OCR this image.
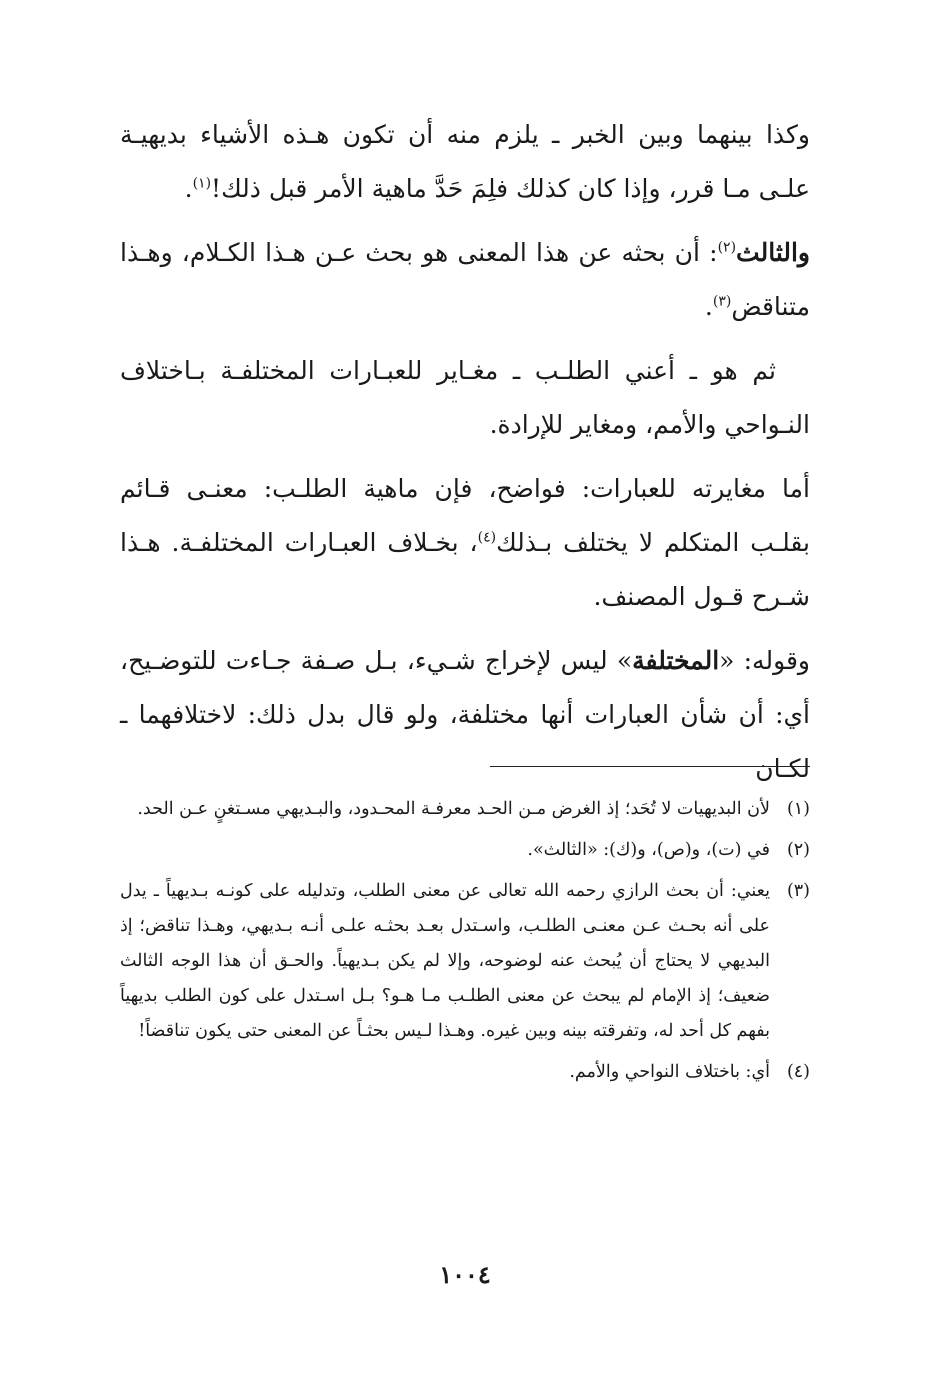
وكذا بينهما وبين الخبر ـ يلزم منه أن تكون هـذه الأشياء بديهيـة علـى مـا قرر، وإذا كان كذلك فلِمَ حَدَّ ماهية الأمر قبل ذلك!$^{(١)}$.

والثالث$^{(٢)}$: أن بحثه عن هذا المعنى هو بحث عـن هـذا الكـلام، وهـذا متناقض$^{(٣)}$.

ثم هو ـ أعني الطلـب ـ مغـاير للعبـارات المختلفـة بـاختلاف النـواحي والأمم، ومغاير للإرادة.

أما مغايرته للعبارات: فواضح، فإن ماهية الطلـب: معنـى قـائم بقلـب المتكلم لا يختلف بـذلك$^{(٤)}$، بخـلاف العبـارات المختلفـة. هـذا شـرح قـول المصنف.

وقوله: «المختلفة» ليس لإخراج شـيء، بـل صـفة جـاءت للتوضـيح، أي: أن شأن العبارات أنها مختلفة، ولو قال بدل ذلك: لاختلافهما ـ لكـان

(١)
لأن البديهيات لا تُحَد؛ إذ الغرض مـن الحـد معرفـة المحـدود، والبـديهي مسـتغنٍ عـن الحد.
(٢)
في (ت)، و(ص)، و(ك): «الثالث».
(٣)
يعني: أن بحث الرازي رحمه الله تعالى عن معنى الطلب، وتدليله على كونـه بـديهياً ـ يدل على أنه بحـث عـن معنـى الطلـب، واسـتدل بعـد بحثـه علـى أنـه بـديهي، وهـذا تناقض؛ إذ البديهي لا يحتاج أن يُبحث عنه لوضوحه، وإلا لم يكن بـديهياً. والحـق أن هذا الوجه الثالث ضعيف؛ إذ الإمام لم يبحث عن معنى الطلـب مـا هـو؟ بـل اسـتدل على كون الطلب بديهياً بفهم كل أحد له، وتفرقته بينه وبين غيره. وهـذا لـيس بحثـاً عن المعنى حتى يكون تناقضاً!
(٤)
أي: باختلاف النواحي والأمم.
١٠٠٤
